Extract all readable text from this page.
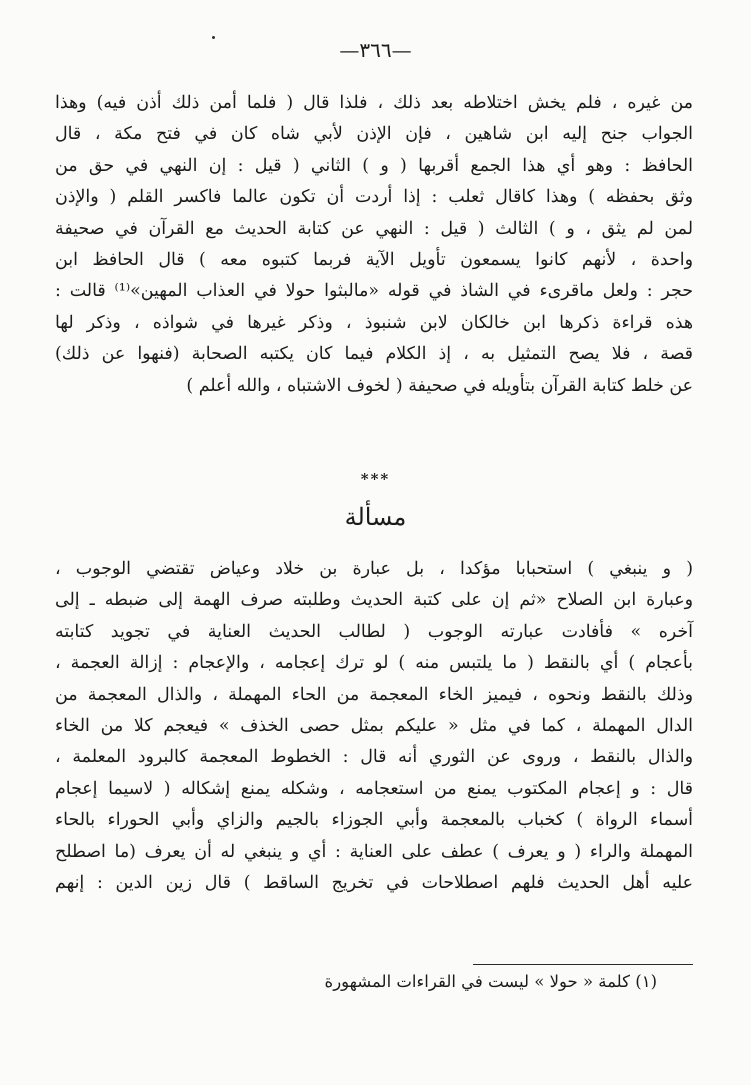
—٣٦٦—
من غيره ، فلم يخش اختلاطه بعد ذلك ، فلذا قال ( فلما أمن ذلك أذن فيه) وهذا
الجواب جنح إليه ابن شاهين ، فإن الإذن لأبي شاه كان في فتح مكة ، قال
الحافظ : وهو أي هذا الجمع أقربها ( و ) الثاني ( قيل : إن النهي في حق من
وثق بحفظه ) وهذا كاقال ثعلب : إذا أردت أن تكون عالما فاكسر القلم ( والإذن
لمن لم يثق ، و ) الثالث ( قيل : النهي عن كتابة الحديث مع القرآن في صحيفة
واحدة ، لأنهم كانوا يسمعون تأويل الآية فربما كتبوه معه ) قال الحافظ ابن
حجر : ولعل ماقرىء في الشاذ في قوله «مالبثوا حولا في العذاب المهين»⁽¹⁾ قالت :
هذه قراءة ذكرها ابن خالكان لابن شنبوذ ، وذكر غيرها في شواذه ، وذكر لها
قصة ، فلا يصح التمثيل به ، إذ الكلام فيما كان يكتبه الصحابة (فنهوا عن ذلك)
عن خلط كتابة القرآن بتأويله في صحيفة ( لخوف الاشتباه ، والله أعلم )
***
مسألة
( و ينبغي ) استحبابا مؤكدا ، بل عبارة بن خلاد وعياض تقتضي الوجوب ،
وعبارة ابن الصلاح «ثم إن على كتبة الحديث وطلبته صرف الهمة إلى ضبطه ـ إلى
آخره » فأفادت عبارته الوجوب ( لطالب الحديث العناية في تجويد كتابته
بأعجام ) أي بالنقط ( ما يلتبس منه ) لو ترك إعجامه ، والإعجام : إزالة العجمة ،
وذلك بالنقط ونحوه ، فيميز الخاء المعجمة من الحاء المهملة ، والذال المعجمة من
الدال المهملة ، كما في مثل « عليكم بمثل حصى الخذف » فيعجم كلا من الخاء
والذال بالنقط ، وروى عن الثوري أنه قال : الخطوط المعجمة كالبرود المعلمة ،
قال : و إعجام المكتوب يمنع من استعجامه ، وشكله يمنع إشكاله ( لاسيما إعجام
أسماء الرواة ) كخباب بالمعجمة وأبي الجوزاء بالجيم والزاي وأبي الحوراء بالحاء
المهملة والراء ( و يعرف ) عطف على العناية : أي و ينبغي له أن يعرف (ما اصطلح
عليه أهل الحديث فلهم اصطلاحات في تخريج الساقط ) قال زين الدين : إنهم
(١) كلمة « حولا » ليست في القراءات المشهورة
